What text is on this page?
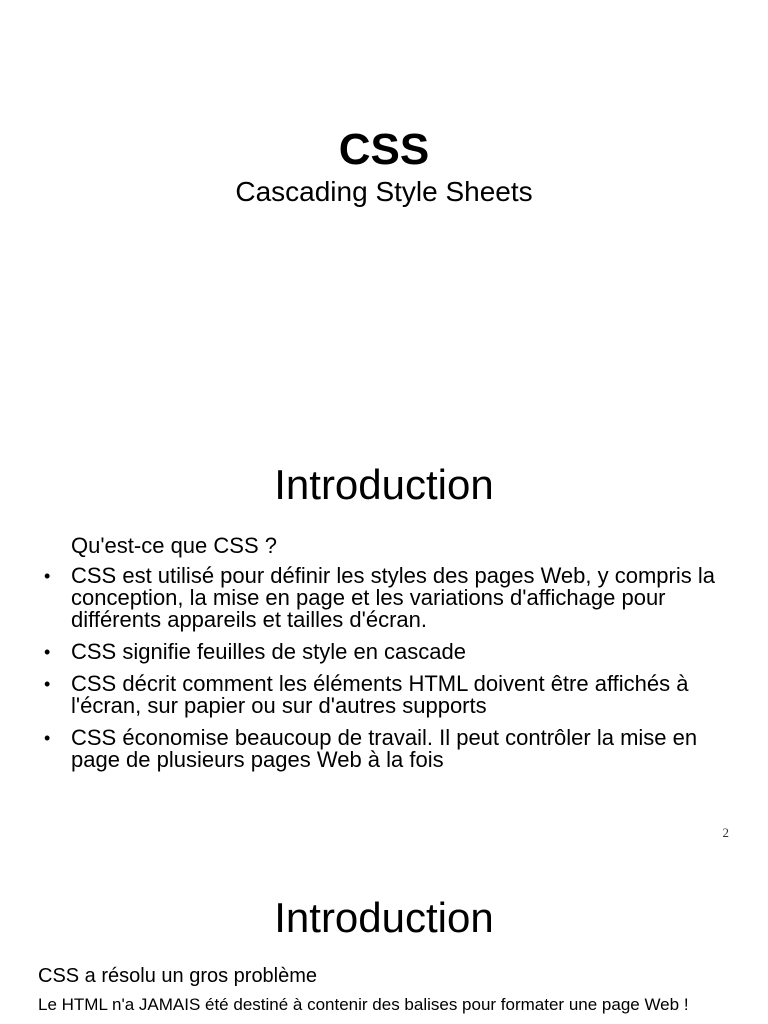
CSS

Cascading Style Sheets

Introduction

Qu'est-ce que CSS ?

• CSS est utilisé pour définir les styles des pages Web, y compris la conception, la mise en page et les variations d'affichage pour différents appareils et tailles d'écran.
• CSS signifie feuilles de style en cascade
• CSS décrit comment les éléments HTML doivent être affichés à l'écran, sur papier ou sur d'autres supports
• CSS économise beaucoup de travail. Il peut contrôler la mise en page de plusieurs pages Web à la fois

2

Introduction

CSS a résolu un gros problème

Le HTML n'a JAMAIS été destiné à contenir des balises pour formater une page Web !
